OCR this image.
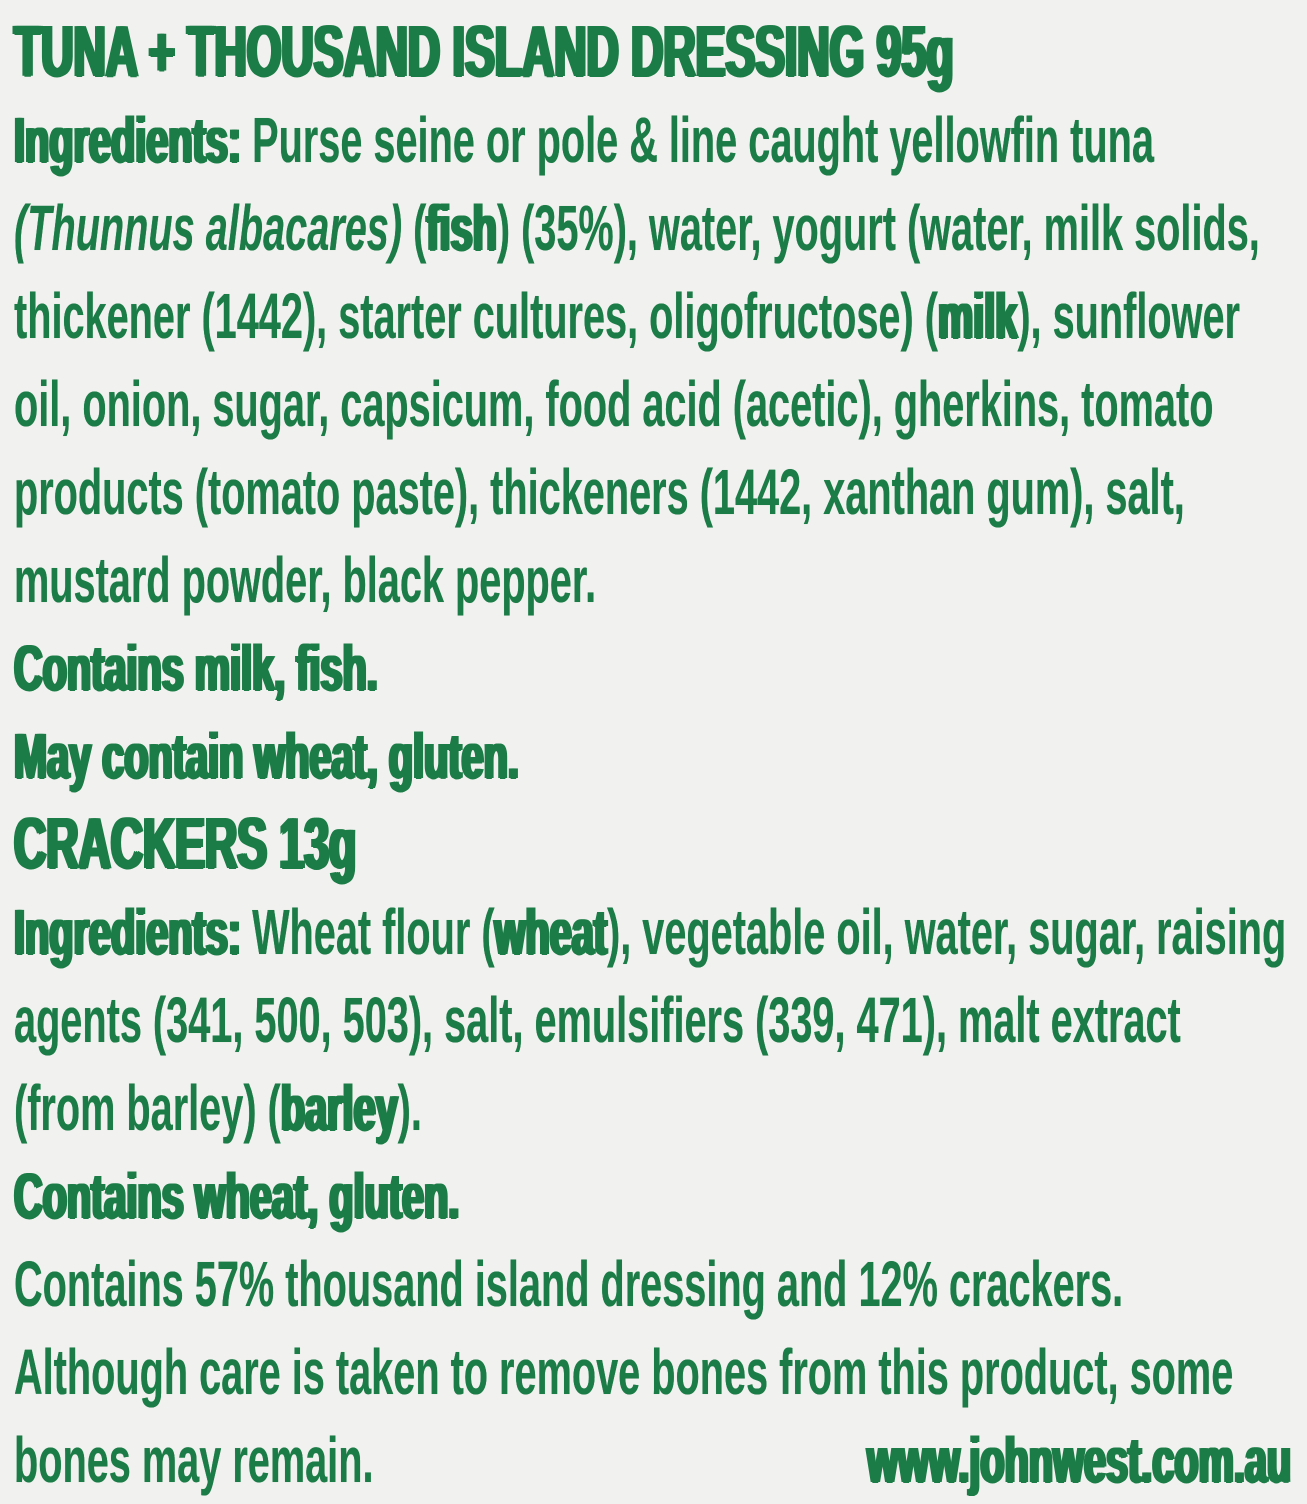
TUNA + THOUSAND ISLAND DRESSING 95g

Ingredients: Purse seine or pole & line caught yellowfin tuna (Thunnus albacares) (fish) (35%), water, yogurt (water, milk solids, thickener (1442), starter cultures, oligofructose) (milk), sunflower oil, onion, sugar, capsicum, food acid (acetic), gherkins, tomato products (tomato paste), thickeners (1442, xanthan gum), salt, mustard powder, black pepper.

Contains milk, fish.

May contain wheat, gluten.

CRACKERS 13g

Ingredients: Wheat flour (wheat), vegetable oil, water, sugar, raising agents (341, 500, 503), salt, emulsifiers (339, 471), malt extract (from barley) (barley).

Contains wheat, gluten.

Contains 57% thousand island dressing and 12% crackers.

Although care is taken to remove bones from this product, some bones may remain.	www.johnwest.com.au
